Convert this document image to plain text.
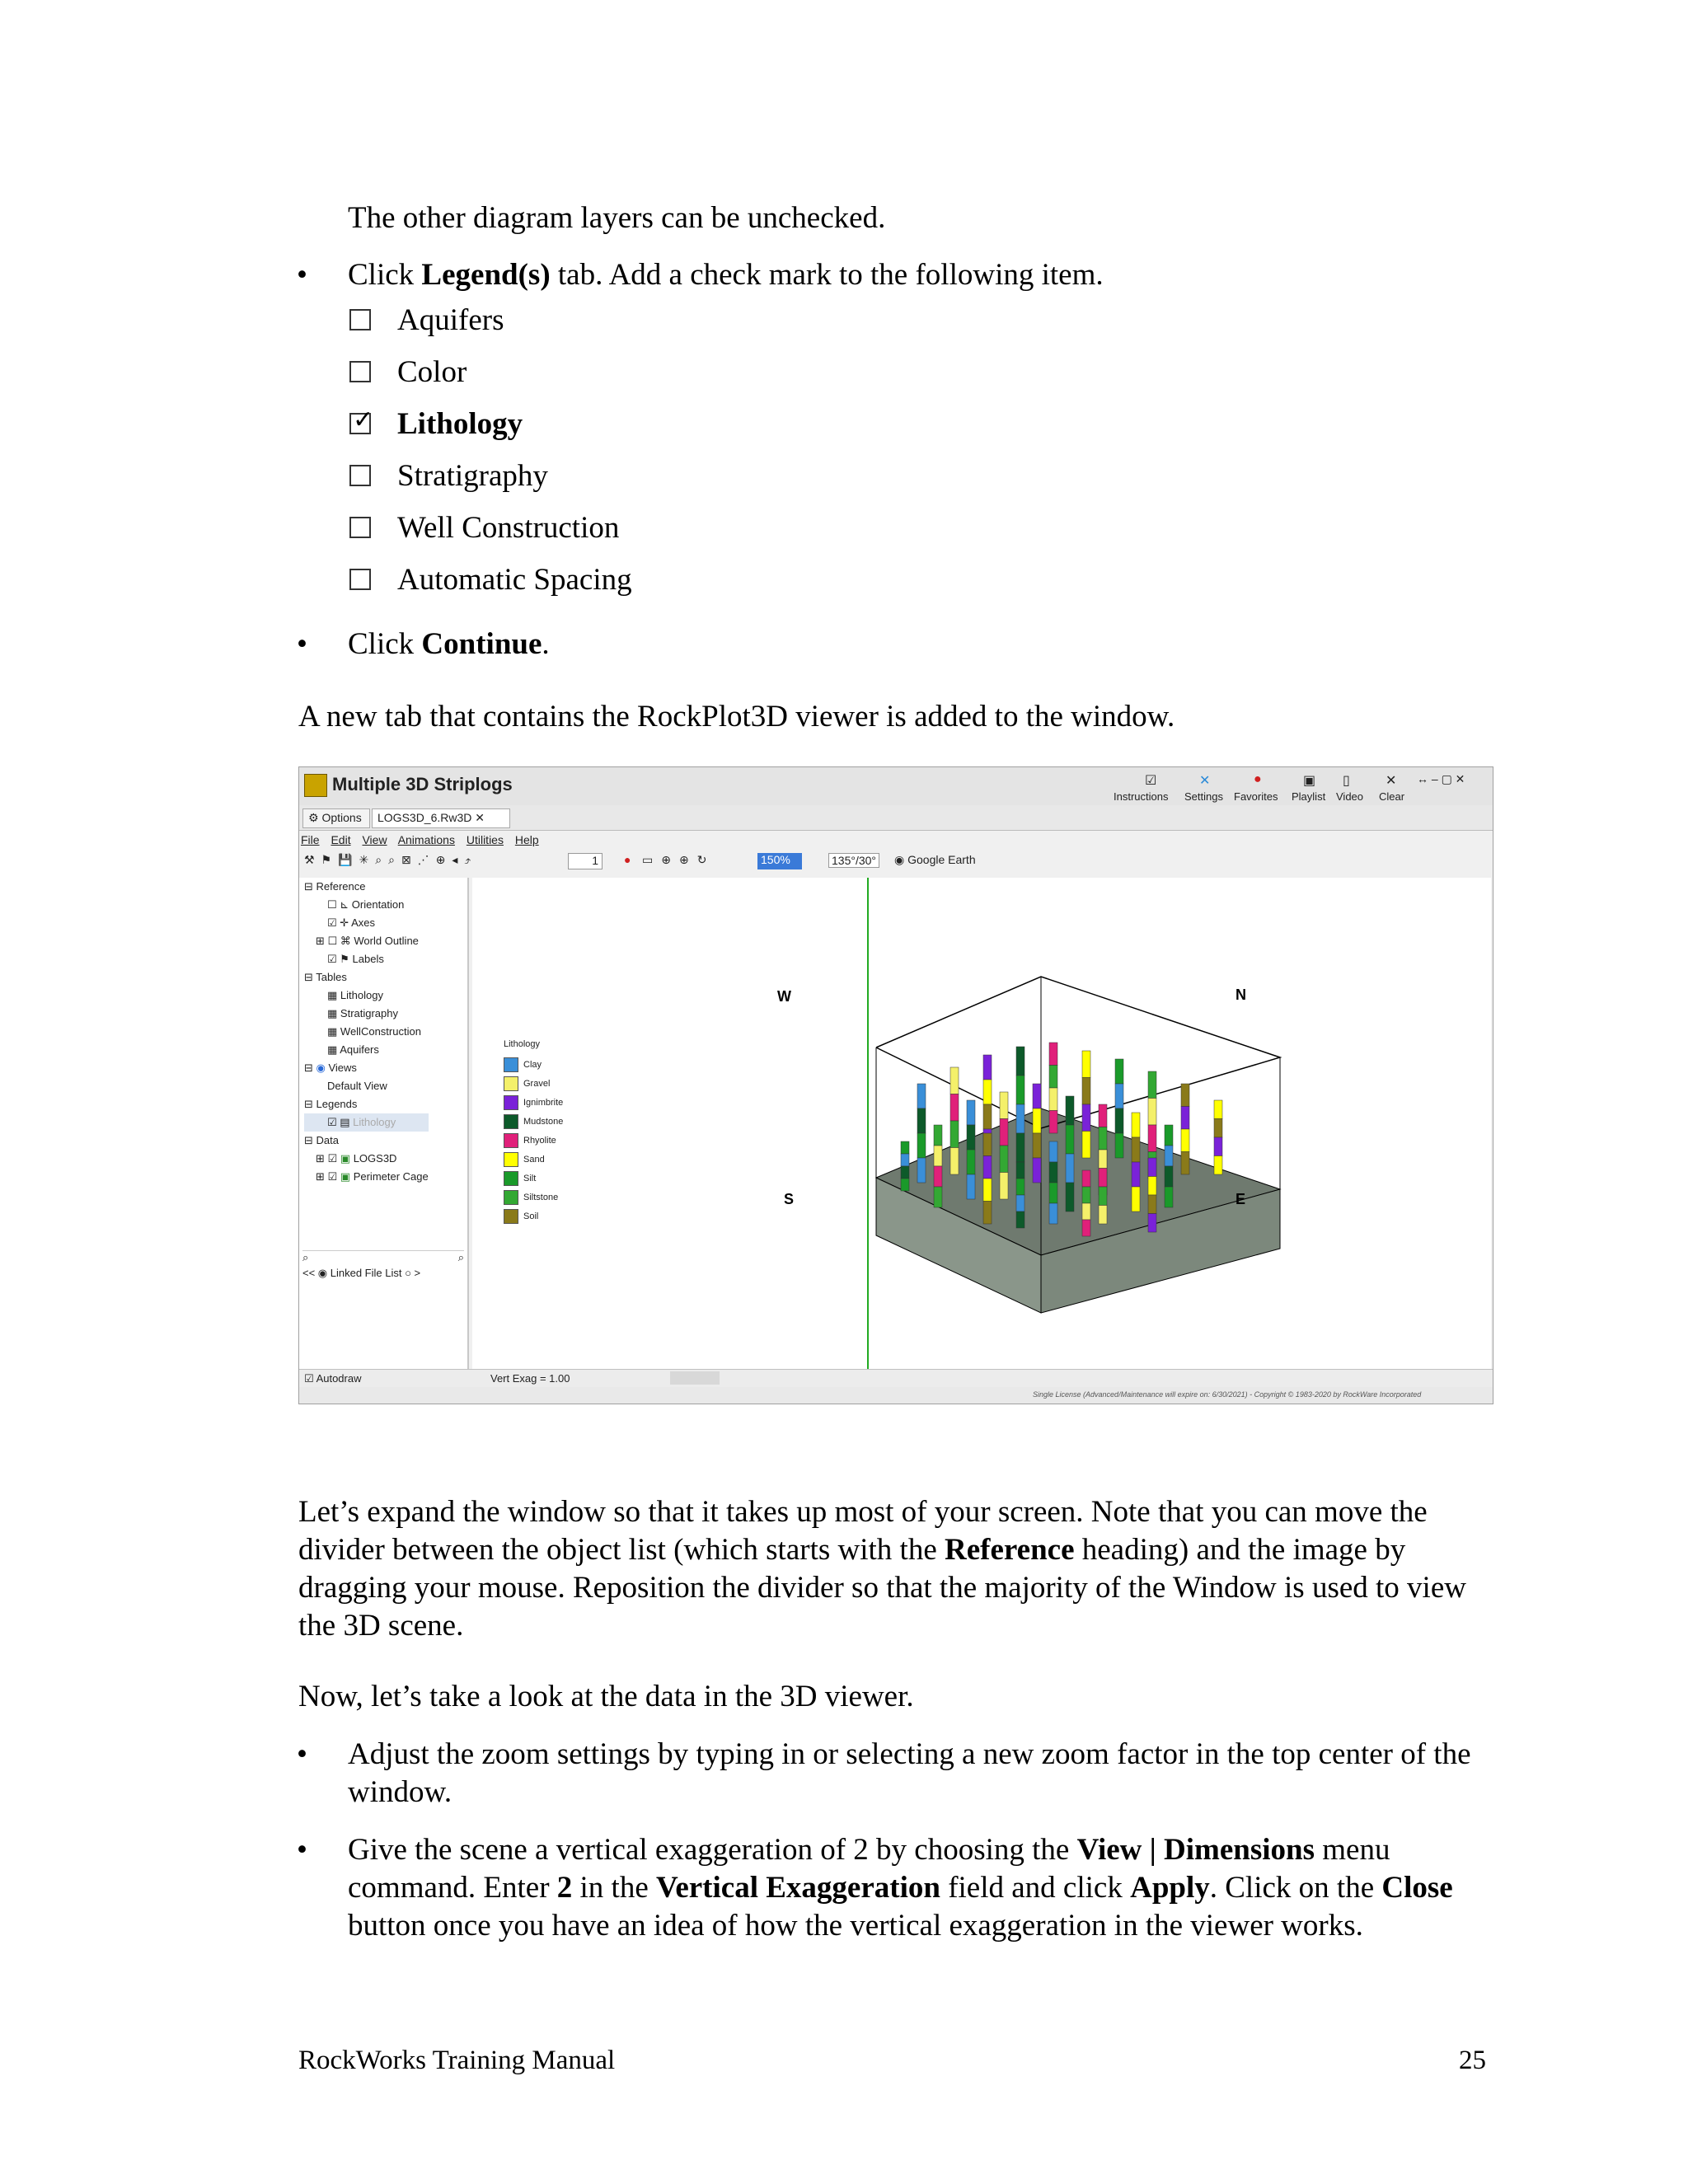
The other diagram layers can be unchecked.
• Click Legend(s) tab. Add a check mark to the following item.
Aquifers
Color
✓ Lithology
Stratigraphy
Well Construction
Automatic Spacing
• Click Continue.
A new tab that contains the RockPlot3D viewer is added to the window.
Multiple 3D Striplogs	☑
Instructions
✕
Settings
●
Favorites
▣
Playlist
▯
Video
✕
Clear
↔ – ▢ ✕
⚙ Options	LOGS3D_6.Rw3D ✕
File Edit View Animations Utilities Help
⚒⚑💾✳⌕⌕⊠⋰⊕◂⤴	1	● ▭⊕⊕↻	150%	135°/30° ◉ Google Earth
⊟ Reference
☐ ⊾ Orientation
☑ ✛ Axes
⊞ ☐ ⌘ World Outline
☑ ⚑ Labels
⊟ Tables
▦ Lithology
▦ Stratigraphy
▦ WellConstruction
▦ Aquifers
⊟ ◉ Views
Default View
⊟ Legends
☑ ▤ Lithology
⊟ Data
⊞ ☑ ▣ LOGS3D
⊞ ☑ ▣ Perimeter Cage
⌕	⌕
<< ◉ Linked File List ○ >
Lithology
Clay
Gravel
Ignimbrite
Mudstone
Rhyolite
Sand
Silt
Siltstone
Soil
W	N
S	E
☑ Autodraw	Vert Exag = 1.00
Single License (Advanced/Maintenance will expire on: 6/30/2021) - Copyright © 1983-2020 by RockWare Incorporated
Let’s expand the window so that it takes up most of your screen. Note that you can move the divider between the object list (which starts with the Reference heading) and the image by dragging your mouse. Reposition the divider so that the majority of the Window is used to view the 3D scene.
Now, let’s take a look at the data in the 3D viewer.
• Adjust the zoom settings by typing in or selecting a new zoom factor in the top center of the window.
• Give the scene a vertical exaggeration of 2 by choosing the View | Dimensions menu command. Enter 2 in the Vertical Exaggeration field and click Apply. Click on the Close button once you have an idea of how the vertical exaggeration in the viewer works.
RockWorks Training Manual	25
